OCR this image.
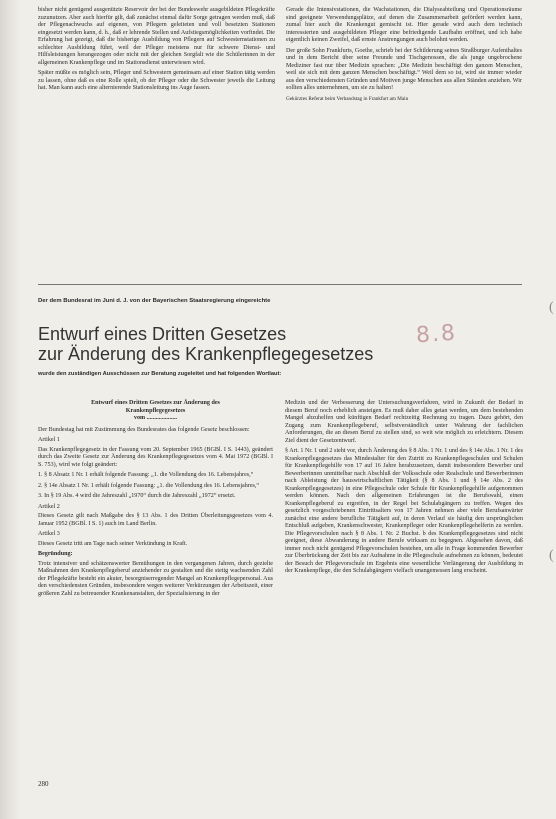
bisher nicht genügend ausgenützte Reservoir der bei der Bundeswehr ausgebildeten Pflegekräfte zuzunutzen. Aber auch hierfür gilt, daß zunächst einmal dafür Sorge getragen werden muß, daß der Pflegenachwuchs auf eigenen, von Pflegern geleiteten und voll besetzten Stationen eingesetzt werden kann, d. h., daß er lehrende Stellen und Aufstiegsmöglichkeiten vorfindet. Die Erfahrung hat gezeigt, daß die bisherige Ausbildung von Pflegern auf Schwesternstationen zu schlechter Ausbildung führt, weil der Pfleger meistens nur für schwere Dienst- und Hilfsleistungen herangezogen oder nicht mit der gleichen Sorgfalt wie die Schülerinnen in der allgemeinen Krankenpflege und im Stationsdienst unterwiesen wird.

Später müßte es möglich sein, Pfleger und Schwestern gemeinsam auf einer Station tätig werden zu lassen, ohne daß es eine Rolle spielt, ob der Pfleger oder die Schwester jeweils die Leitung hat. Man kann auch eine alternierende Stationsleitung ins Auge fassen.

Gerade die Intensivstationen, die Wachstationen, die Dialyseabteilung und Operationsräume sind geeignete Verwendungsplätze, auf denen die Zusammenarbeit gefördert werden kann, zumal hier auch die Krankengut gemischt ist. Hier gerade wird auch dem technisch interessierten und ausgebildeten Pfleger eine befriedigende Laufbahn eröffnet, und ich habe eigentlich keinen Zweifel, daß ernste Anstrengungen auch belohnt werden.

Der große Sohn Frankfurts, Goethe, schrieb bei der Schilderung seines Straßburger Aufenthaltes und in dem Bericht über seine Freunde und Tischgenossen, die als junge ungebrochene Mediziner fast nur über Medizin sprachen: „Die Medizin beschäftigt den ganzen Menschen, weil sie sich mit dem ganzen Menschen beschäftigt.“ Weil dem so ist, wird sie immer wieder aus den verschiedensten Gründen und Motiven junge Menschen aus allen Ständen anziehen. Wir sollten alles unternehmen, um sie zu halten!

Gekürztes Referat beim Verbandstag in Frankfurt am Main
Der dem Bundesrat im Juni d. J. von der Bayerischen Staatsregierung eingereichte
Entwurf eines Dritten Gesetzes
zur Änderung des Krankenpflegegesetzes
8.8
wurde den zuständigen Ausschüssen zur Beratung zugeleitet und hat folgenden Wortlaut:
Entwurf eines Dritten Gesetzes zur Änderung des
Krankenpflegegesetzes
vom ....................

Der Bundestag hat mit Zustimmung des Bundesrates das folgende Gesetz beschlossen:

Artikel 1

Das Krankenpflegegesetz in der Fassung vom 20. September 1965 (BGBl. I S. 1443), geändert durch das Zweite Gesetz zur Änderung des Krankenpflegegesetzes vom 4. Mai 1972 (BGBl. I S. 753), wird wie folgt geändert:

1. § 8 Absatz 1 Nr. 1 erhält folgende Fassung: „1. die Vollendung des 16. Lebensjahres,“

2. § 14e Absatz 1 Nr. 1 erhält folgende Fassung: „1. die Vollendung des 16. Lebensjahres,“

3. In § 19 Abs. 4 wird die Jahreszahl „1970“ durch die Jahreszahl „1972“ ersetzt.

Artikel 2

Dieses Gesetz gilt nach Maßgabe des § 13 Abs. 1 des Dritten Überleitungsgesetzes vom 4. Januar 1952 (BGBl. I S. 1) auch im Land Berlin.

Artikel 3

Dieses Gesetz tritt am Tage nach seiner Verkündung in Kraft.

Begründung:

Trotz intensiver und schätzenswerter Bemühungen in den vergangenen Jahren, durch gezielte Maßnahmen den Krankenpflegeberuf anziehender zu gestalten und die stetig wachsenden Zahl der Pflegekräfte besteht ein akuter, besorgniserregender Mangel an Krankenpflegepersonal. Aus den verschiedensten Gründen, insbesondere wegen weiterer Verkürzungen der Arbeitszeit, einer größeren Zahl zu betreuender Krankenanstalten, der Spezialisierung in der

Medizin und der Verbesserung der Untersuchungsverfahren, wird in Zukunft der Bedarf in diesem Beruf noch erheblich ansteigen. Es muß daher alles getan werden, um dem bestehenden Mangel abzuhelfen und künftigen Bedarf rechtzeitig Rechnung zu tragen. Dazu gehört, den Zugang zum Krankenpflegeberuf, selbstverständlich unter Wahrung der fachlichen Anforderungen, die an diesen Beruf zu stellen sind, so weit wie möglich zu erleichtern. Diesem Ziel dient der Gesetzentwurf.

§ Art. 1 Nr. 1 und 2 sieht vor, durch Änderung des § 8 Abs. 1 Nr. 1 und des § 14e Abs. 1 Nr. 1 des Krankenpflegegesetzes das Mindestalter für den Zutritt zu Krankenpflegeschulen und Schulen für Krankenpflegehilfe von 17 auf 16 Jahre herabzusetzen, damit insbesondere Bewerber und Bewerberinnen unmittelbar nach Abschluß der Volksschule oder Realschule und Bewerberinnen nach Ableistung der hauswirtschaftlichen Tätigkeit (§ 8 Abs. 1 und § 14e Abs. 2 des Krankenpflegegesetzes) in eine Pflegeschule oder Schule für Krankenpflegehilfe aufgenommen werden können. Nach den allgemeinen Erfahrungen ist die Berufswahl, einen Krankenpflegeberuf zu ergreifen, in der Regel bei Schulabgängern zu treffen. Wegen des gesetzlich vorgeschriebenen Eintrittsalters von 17 Jahren nehmen aber viele Berufsanwärter zunächst eine andere berufliche Tätigkeit auf, in deren Verlauf sie häufig den ursprünglichen Entschluß aufgeben, Krankenschwester, Krankenpfleger oder Krankenpflegehelferin zu werden. Die Pflegevorschulen nach § 8 Abs. 1 Nr. 2 Buchst. b des Krankenpflegegesetzes sind nicht geeignet, diese Abwanderung in andere Berufe wirksam zu begegnen. Abgesehen davon, daß immer noch nicht genügend Pflegevorschulen bestehen, um alle in Frage kommenden Bewerber zur Überbrückung der Zeit bis zur Aufnahme in die Pflegeschule aufnehmen zu können, bedeutet der Besuch der Pflegevorschule im Ergebnis eine wesentliche Verlängerung der Ausbildung in der Krankenpflege, die den Schulabgängern vielfach unangemessen lang erscheint.

280
(
(
